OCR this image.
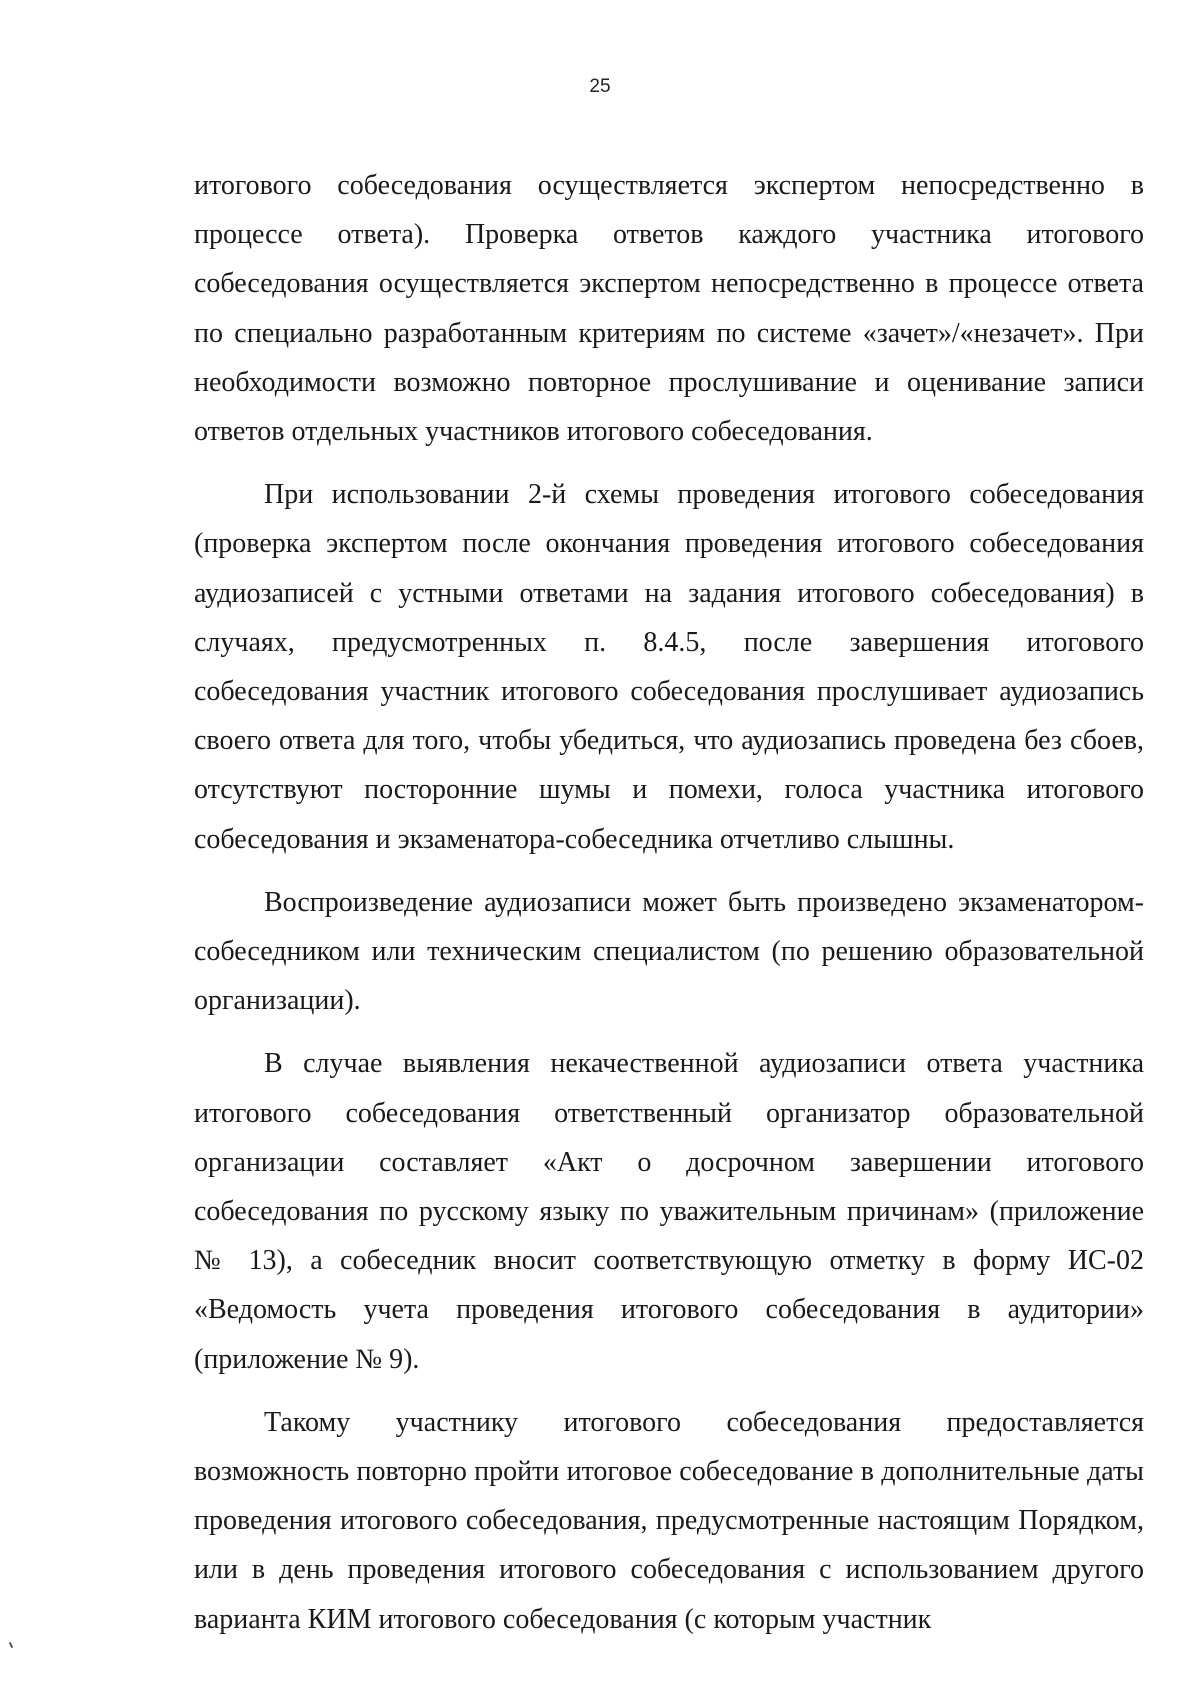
25

итогового собеседования осуществляется экспертом непосредственно в процессе ответа). Проверка ответов каждого участника итогового собеседования осуществляется экспертом непосредственно в процессе ответа по специально разработанным критериям по системе «зачет»/«незачет». При необходимости возможно повторное прослушивание и оценивание записи ответов отдельных участников итогового собеседования.

При использовании 2-й схемы проведения итогового собеседования (проверка экспертом после окончания проведения итогового собеседования аудиозаписей с устными ответами на задания итогового собеседования) в случаях, предусмотренных п. 8.4.5, после завершения итогового собеседования участник итогового собеседования прослушивает аудиозапись своего ответа для того, чтобы убедиться, что аудиозапись проведена без сбоев, отсутствуют посторонние шумы и помехи, голоса участника итогового собеседования и экзаменатора-собеседника отчетливо слышны.

Воспроизведение аудиозаписи может быть произведено экзаменатором-собеседником или техническим специалистом (по решению образовательной организации).

В случае выявления некачественной аудиозаписи ответа участника итогового собеседования ответственный организатор образовательной организации составляет «Акт о досрочном завершении итогового собеседования по русскому языку по уважительным причинам» (приложение № 13), а собеседник вносит соответствующую отметку в форму ИС-02 «Ведомость учета проведения итогового собеседования в аудитории» (приложение № 9).

Такому участнику итогового собеседования предоставляется возможность повторно пройти итоговое собеседование в дополнительные даты проведения итогового собеседования, предусмотренные настоящим Порядком, или в день проведения итогового собеседования с использованием другого варианта КИМ итогового собеседования (с которым участник
